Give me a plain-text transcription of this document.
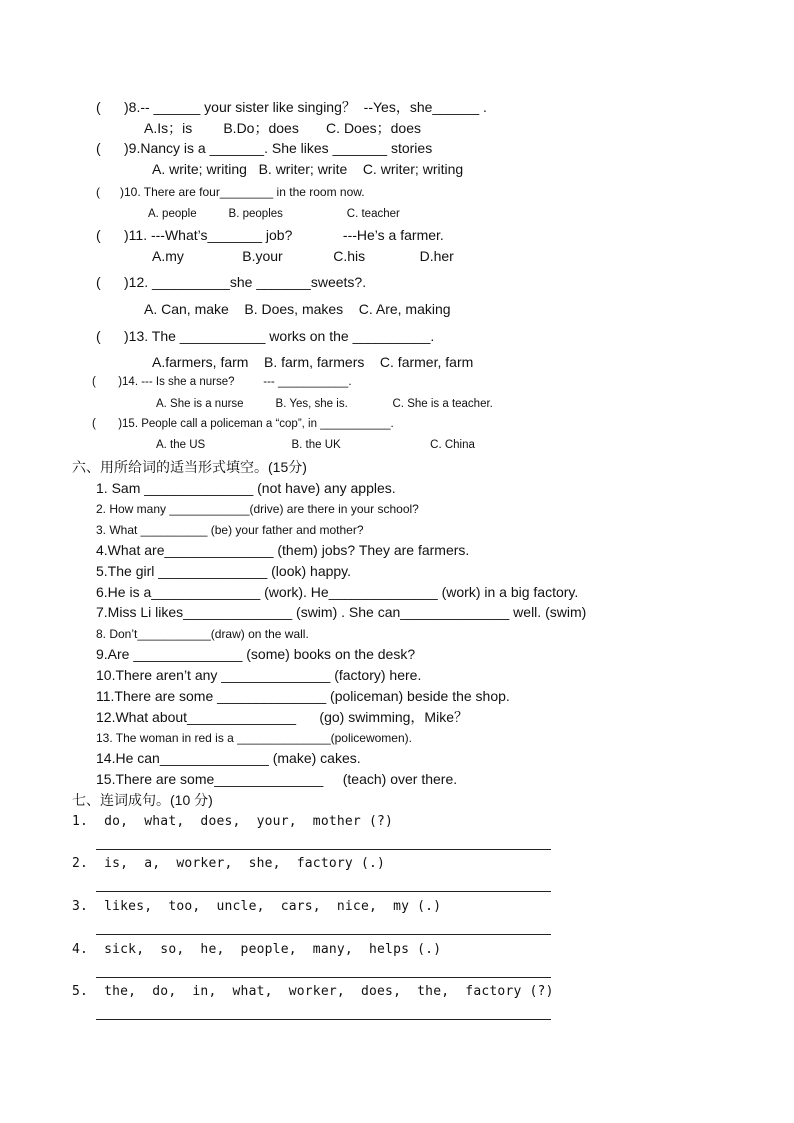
(      )8.-- ______ your sister like singing？  --Yes，she______ .
A.Is；is        B.Do；does       C. Does；does
(      )9.Nancy is a _______. She likes _______ stories
A. write; writing   B. writer; write    C. writer; writing
(      )10. There are four________ in the room now.
A. people          B. peoples                    C. teacher
(      )11. ---What’s_______ job?             ---He’s a farmer.
A.my               B.your             C.his              D.her
(      )12. __________she _______sweets?.
A. Can, make    B. Does, makes    C. Are, making
(      )13. The ___________ works on the __________.
A.farmers, farm    B. farm, farmers    C. farmer, farm
(       )14. --- Is she a nurse?         --- ___________.
A. She is a nurse          B. Yes, she is.              C. She is a teacher.
(       )15. People call a policeman a “cop”, in ___________.
A. the US                           B. the UK                            C. China
六、用所给词的适当形式填空。(15分)
1. Sam ______________ (not have) any apples.
2. How many ____________(drive) are there in your school?
3. What __________ (be) your father and mother?
4.What are______________ (them) jobs? They are farmers.
5.The girl ______________ (look) happy.
6.He is a______________ (work). He______________ (work) in a big factory.
7.Miss Li likes______________ (swim) . She can______________ well. (swim)
8. Don’t___________(draw) on the wall.
9.Are ______________ (some) books on the desk?
10.There aren’t any ______________ (factory) here.
11.There are some ______________ (policeman) beside the shop.
12.What about______________      (go) swimming，Mike？
13. The woman in red is a ______________(policewomen).
14.He can______________ (make) cakes.
15.There are some______________     (teach) over there.
七、连词成句。(10 分)
1.  do,  what,  does,  your,  mother (?)
2.  is,  a,  worker,  she,  factory (.)
3.  likes,  too,  uncle,  cars,  nice,  my (.)
4.  sick,  so,  he,  people,  many,  helps (.)
5.  the,  do,  in,  what,  worker,  does,  the,  factory (?)
